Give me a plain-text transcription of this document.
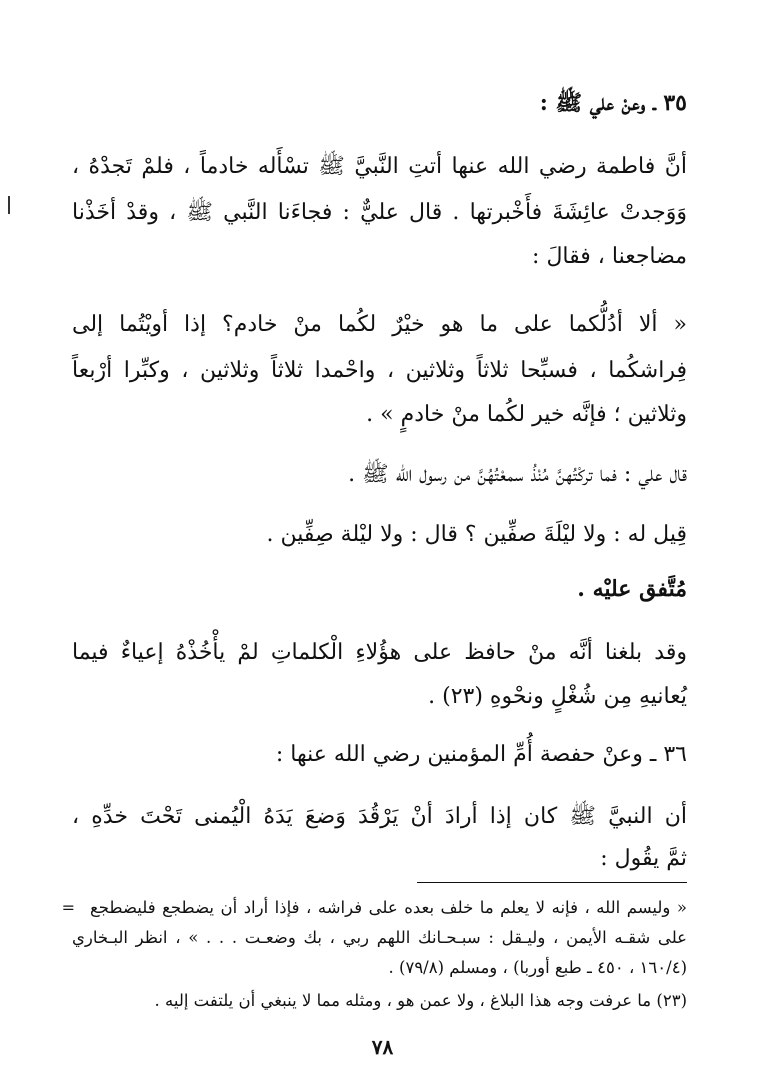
٣٥ ـ وعنْ علي ﷺ :
أنَّ فاطمة رضي الله عنها أتتِ النَّبيَّ ﷺ تسْأَله خادماً ، فلمْ تَجدْهُ ،
وَوَجدتْ عائِشَةَ فأَخْبرتها . قال عليٌّ : فجاءَنا النَّبي ﷺ ، وقدْ أخَذْنا
مضاجعنا ، فقالَ :
« ألا أدُلُّكما على ما هو خيْرٌ لكُما منْ خادم؟ إذا أويْتُما إلى
فِراشكُما ، فسبِّحا ثلاثاً وثلاثين ، واحْمدا ثلاثاً وثلاثين ، وكبِّرا أرْبعاً
وثلاثين ؛ فإنَّه خير لكُما منْ خادمٍ » .
قال علي : فما تركْتُهنَّ مُنْذُ سمعْتُهُنَّ من رسول الله ﷺ .
قِيل له : ولا ليْلَةَ صفِّين ؟ قال : ولا ليْلة صِفِّين .
مُتَّفق عليْه .
وقد بلغنا أنَّه منْ حافظ على هؤُلاءِ الْكلماتِ لمْ يأْخُذْهُ إعياءٌ فيما
يُعانيهِ مِن شُغْلٍ ونحْوهِ (٢٣) .
٣٦ ـ وعنْ حفصة أُمِّ المؤمنين رضي الله عنها :
أن النبيَّ ﷺ كان إذا أرادَ أنْ يَرْقُدَ وَضعَ يَدَهُ الْيُمنى تَحْتَ خدِّهِ ،
ثمَّ يقُول :
= « وليسم الله ، فإنه لا يعلم ما خلف بعده على فراشه ، فإذا أراد أن يضطجع فليضطجع
على شقـه الأيمن ، وليـقل : سبـحـانك اللهم ربي ، بك وضعـت . . . » ، انظر البـخاري
(١٦٠/٤ ، ٤٥٠ ـ طبع أوربا) ، ومسلم (٧٩/٨) .
(٢٣) ما عرفت وجه هذا البلاغ ، ولا عمن هو ، ومثله مما لا ينبغي أن يلتفت إليه .
٧٨
